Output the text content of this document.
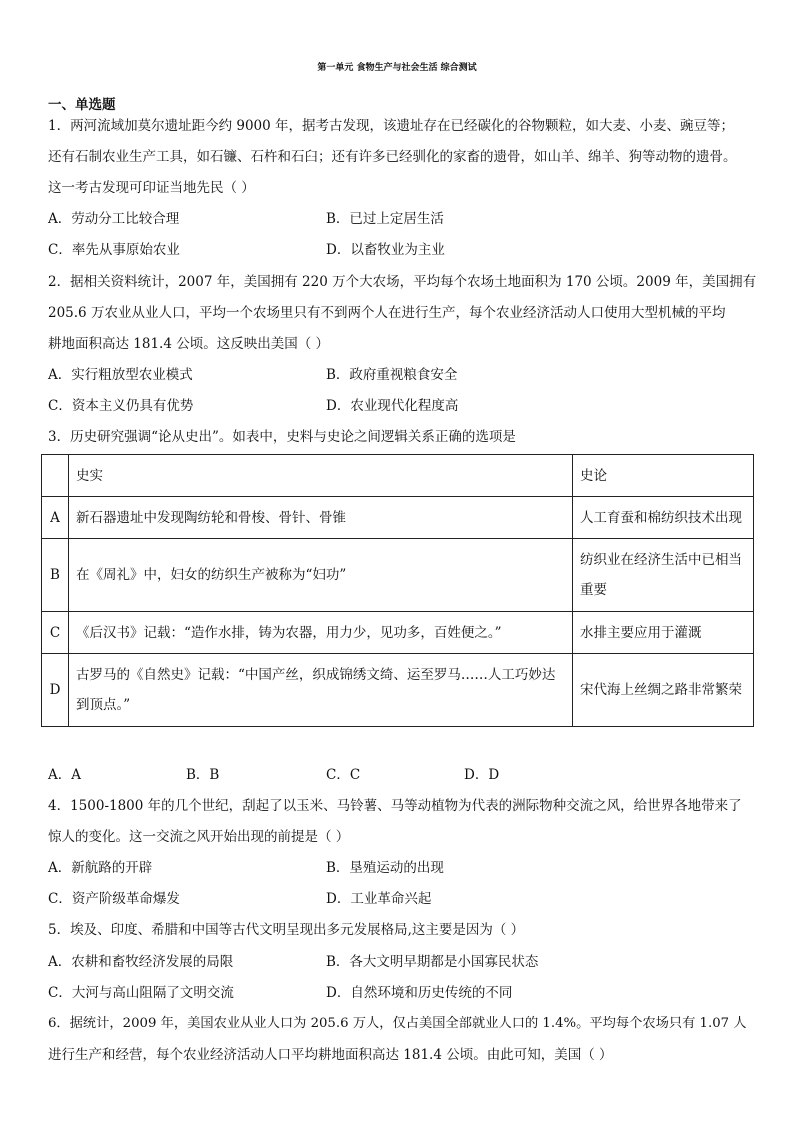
第一单元 食物生产与社会生活 综合测试
一、单选题
1．两河流域加莫尔遗址距今约 9000 年，据考古发现，该遗址存在已经碳化的谷物颗粒，如大麦、小麦、豌豆等；
还有石制农业生产工具，如石镰、石杵和石臼；还有许多已经驯化的家畜的遗骨，如山羊、绵羊、狗等动物的遗骨。
这一考古发现可印证当地先民（ ）
A．劳动分工比较合理	B．已过上定居生活
C．率先从事原始农业	D．以畜牧业为主业
2．据相关资料统计，2007 年，美国拥有 220 万个大农场，平均每个农场土地面积为 170 公顷。2009 年，美国拥有
205.6 万农业从业人口，平均一个农场里只有不到两个人在进行生产，每个农业经济活动人口使用大型机械的平均
耕地面积高达 181.4 公顷。这反映出美国（ ）
A．实行粗放型农业模式	B．政府重视粮食安全
C．资本主义仍具有优势	D．农业现代化程度高
3．历史研究强调“论从史出”。如表中，史料与史论之间逻辑关系正确的选项是
	史实	史论
A	新石器遗址中发现陶纺轮和骨梭、骨针、骨锥	人工育蚕和棉纺织技术出现
B	在《周礼》中，妇女的纺织生产被称为“妇功”	纺织业在经济生活中已相当重要
C	《后汉书》记载：“造作水排，铸为农器，用力少，见功多，百姓便之。”	水排主要应用于灌溉
D	古罗马的《自然史》记载：“中国产丝，织成锦绣文绮、运至罗马……人工巧妙达到顶点。”	宋代海上丝绸之路非常繁荣
A．A	B．B	C．C	D．D
4．1500-1800 年的几个世纪，刮起了以玉米、马铃薯、马等动植物为代表的洲际物种交流之风，给世界各地带来了
惊人的变化。这一交流之风开始出现的前提是（ ）
A．新航路的开辟	B．垦殖运动的出现
C．资产阶级革命爆发	D．工业革命兴起
5．埃及、印度、希腊和中国等古代文明呈现出多元发展格局,这主要是因为（ ）
A．农耕和畜牧经济发展的局限	B．各大文明早期都是小国寡民状态
C．大河与高山阻隔了文明交流	D．自然环境和历史传统的不同
6．据统计，2009 年，美国农业从业人口为 205.6 万人，仅占美国全部就业人口的 1.4%。平均每个农场只有 1.07 人
进行生产和经营，每个农业经济活动人口平均耕地面积高达 181.4 公顷。由此可知，美国（ ）
